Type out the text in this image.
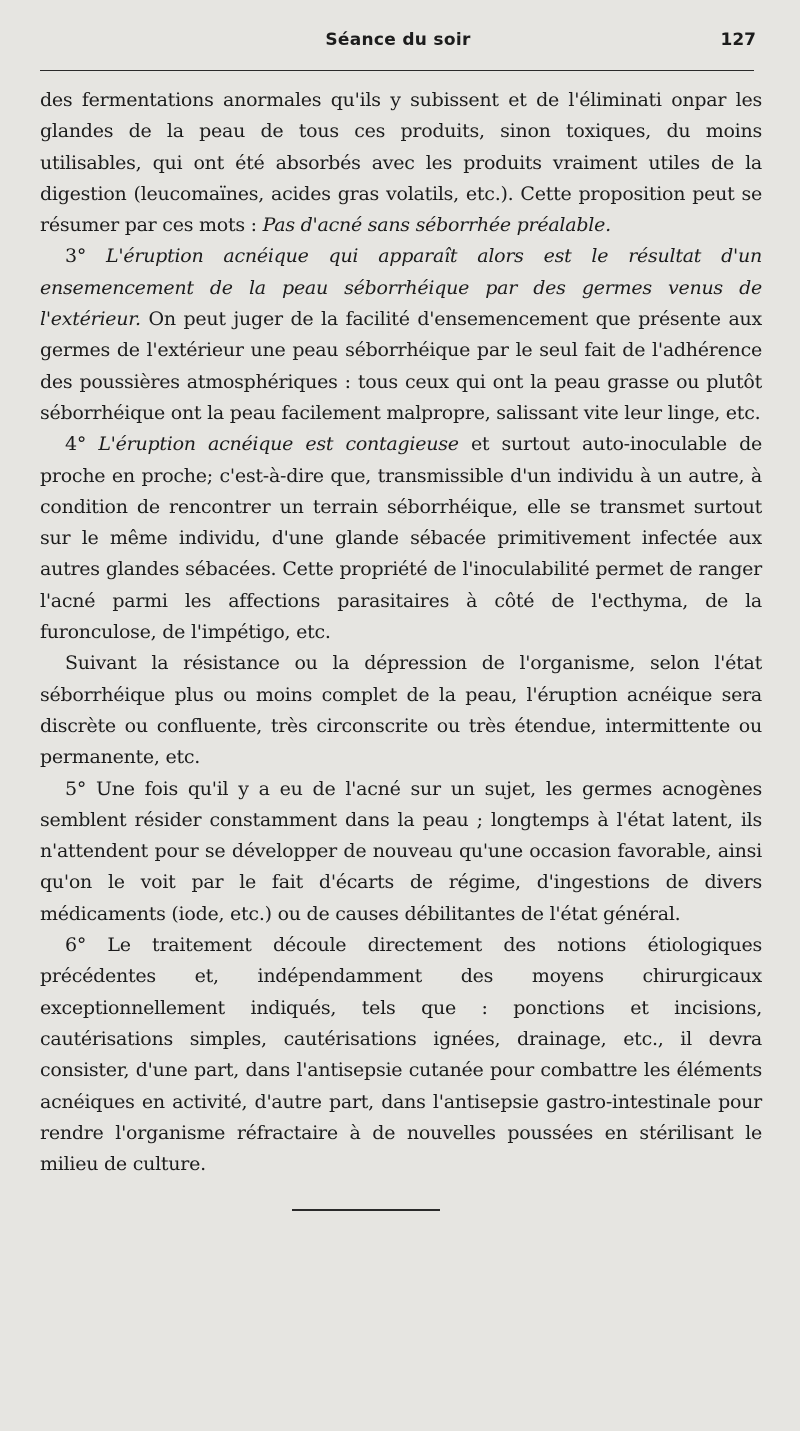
Séance du soir	127

des fermentations anormales qu'ils y subissent et de l'éliminati onpar les glandes de la peau de tous ces produits, sinon toxiques, du moins utilisables, qui ont été absorbés avec les produits vraiment utiles de la digestion (leucomaïnes, acides gras volatils, etc.). Cette proposition peut se résumer par ces mots : Pas d'acné sans séborrhée préalable.

3° L'éruption acnéique qui apparaît alors est le résultat d'un ensemencement de la peau séborrhéique par des germes venus de l'extérieur. On peut juger de la facilité d'ensemencement que présente aux germes de l'extérieur une peau séborrhéique par le seul fait de l'adhérence des poussières atmosphériques : tous ceux qui ont la peau grasse ou plutôt séborrhéique ont la peau facilement malpropre, salissant vite leur linge, etc.

4° L'éruption acnéique est contagieuse et surtout auto-inoculable de proche en proche; c'est-à-dire que, transmissible d'un individu à un autre, à condition de rencontrer un terrain séborrhéique, elle se transmet surtout sur le même individu, d'une glande sébacée primitivement infectée aux autres glandes sébacées. Cette propriété de l'inoculabilité permet de ranger l'acné parmi les affections parasitaires à côté de l'ecthyma, de la furonculose, de l'impétigo, etc.

Suivant la résistance ou la dépression de l'organisme, selon l'état séborrhéique plus ou moins complet de la peau, l'éruption acnéique sera discrète ou confluente, très circonscrite ou très étendue, intermittente ou permanente, etc.

5° Une fois qu'il y a eu de l'acné sur un sujet, les germes acnogènes semblent résider constamment dans la peau ; longtemps à l'état latent, ils n'attendent pour se développer de nouveau qu'une occasion favorable, ainsi qu'on le voit par le fait d'écarts de régime, d'ingestions de divers médicaments (iode, etc.) ou de causes débilitantes de l'état général.

6° Le traitement découle directement des notions étiologiques précédentes et, indépendamment des moyens chirurgicaux exceptionnellement indiqués, tels que : ponctions et incisions, cautérisations simples, cautérisations ignées, drainage, etc., il devra consister, d'une part, dans l'antisepsie cutanée pour combattre les éléments acnéiques en activité, d'autre part, dans l'antisepsie gastro-intestinale pour rendre l'organisme réfractaire à de nouvelles poussées en stérilisant le milieu de culture.
